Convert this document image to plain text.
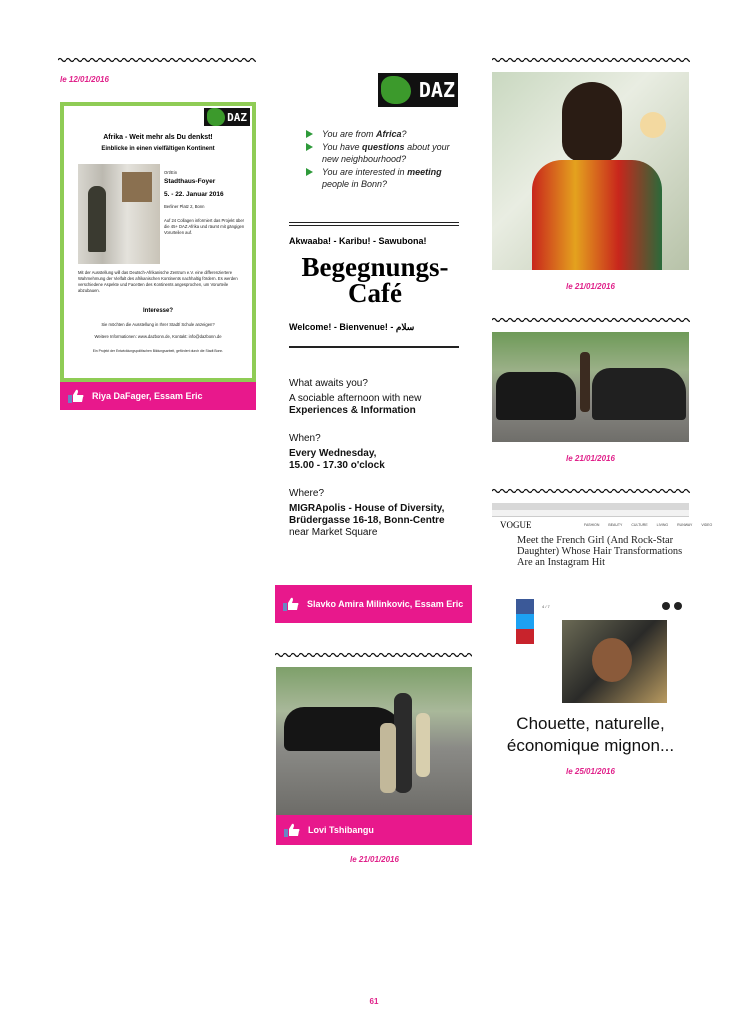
le 12/01/2016
DAZ
Afrika - Weit mehr als Du denkst!
Einblicke in einen vielfältigen Kontinent
Ort/Ein
Stadthaus-Foyer
5. - 22. Januar 2016
Berliner Platz 2, Bonn
Auf 24 Collagen informiert das Projekt über die 45+ DAZ Afrika und räumt mit gängigen Vorurteilen auf.
Mit der Ausstellung will das Deutsch-Afrikanische Zentrum e.V. eine differenziertere Wahrnehmung der Vielfalt des afrikanischen Kontinents nachhaltig fördern. Es werden verschiedene Aspekte und Facetten des Kontinents angesprochen, um Vorurteile abzubauen.
Interesse?
Sie möchten die Ausstellung in Ihrer Stadt/ Schule anzeigen?
Weitere Informationen: www.dazbonn.de, Kontakt: info@dazbonn.de
Ein Projekt der Entwicklungspolitischen Bildungsarbeit, gefördert durch die Stadt Bonn.
Riya DaFager, Essam Eric
DAZ
You are from Africa?
You have questions about your new neighbourhood?
You are interested in meeting people in Bonn?
Akwaaba! - Karibu! - Sawubona!
Begegnungs-
Café
Welcome! - Bienvenue! - سلام
What awaits you?
A sociable afternoon with new
Experiences & Information
When?
Every Wednesday,
15.00 - 17.30 o'clock
Where?
MIGRApolis - House of Diversity,
Brüdergasse 16-18, Bonn-Centre
near Market Square
Slavko Amira Milinkovic, Essam Eric
Lovi Tshibangu
le 21/01/2016
le 21/01/2016
le 21/01/2016
VOGUE	FASHION	BEAUTY	CULTURE	LIVING	RUNWAY	VIDEO
Meet the French Girl (And Rock-Star Daughter) Whose Hair Transformations Are an Instagram Hit
4 / 7
Chouette, naturelle, économique mignon...
le 25/01/2016
61
